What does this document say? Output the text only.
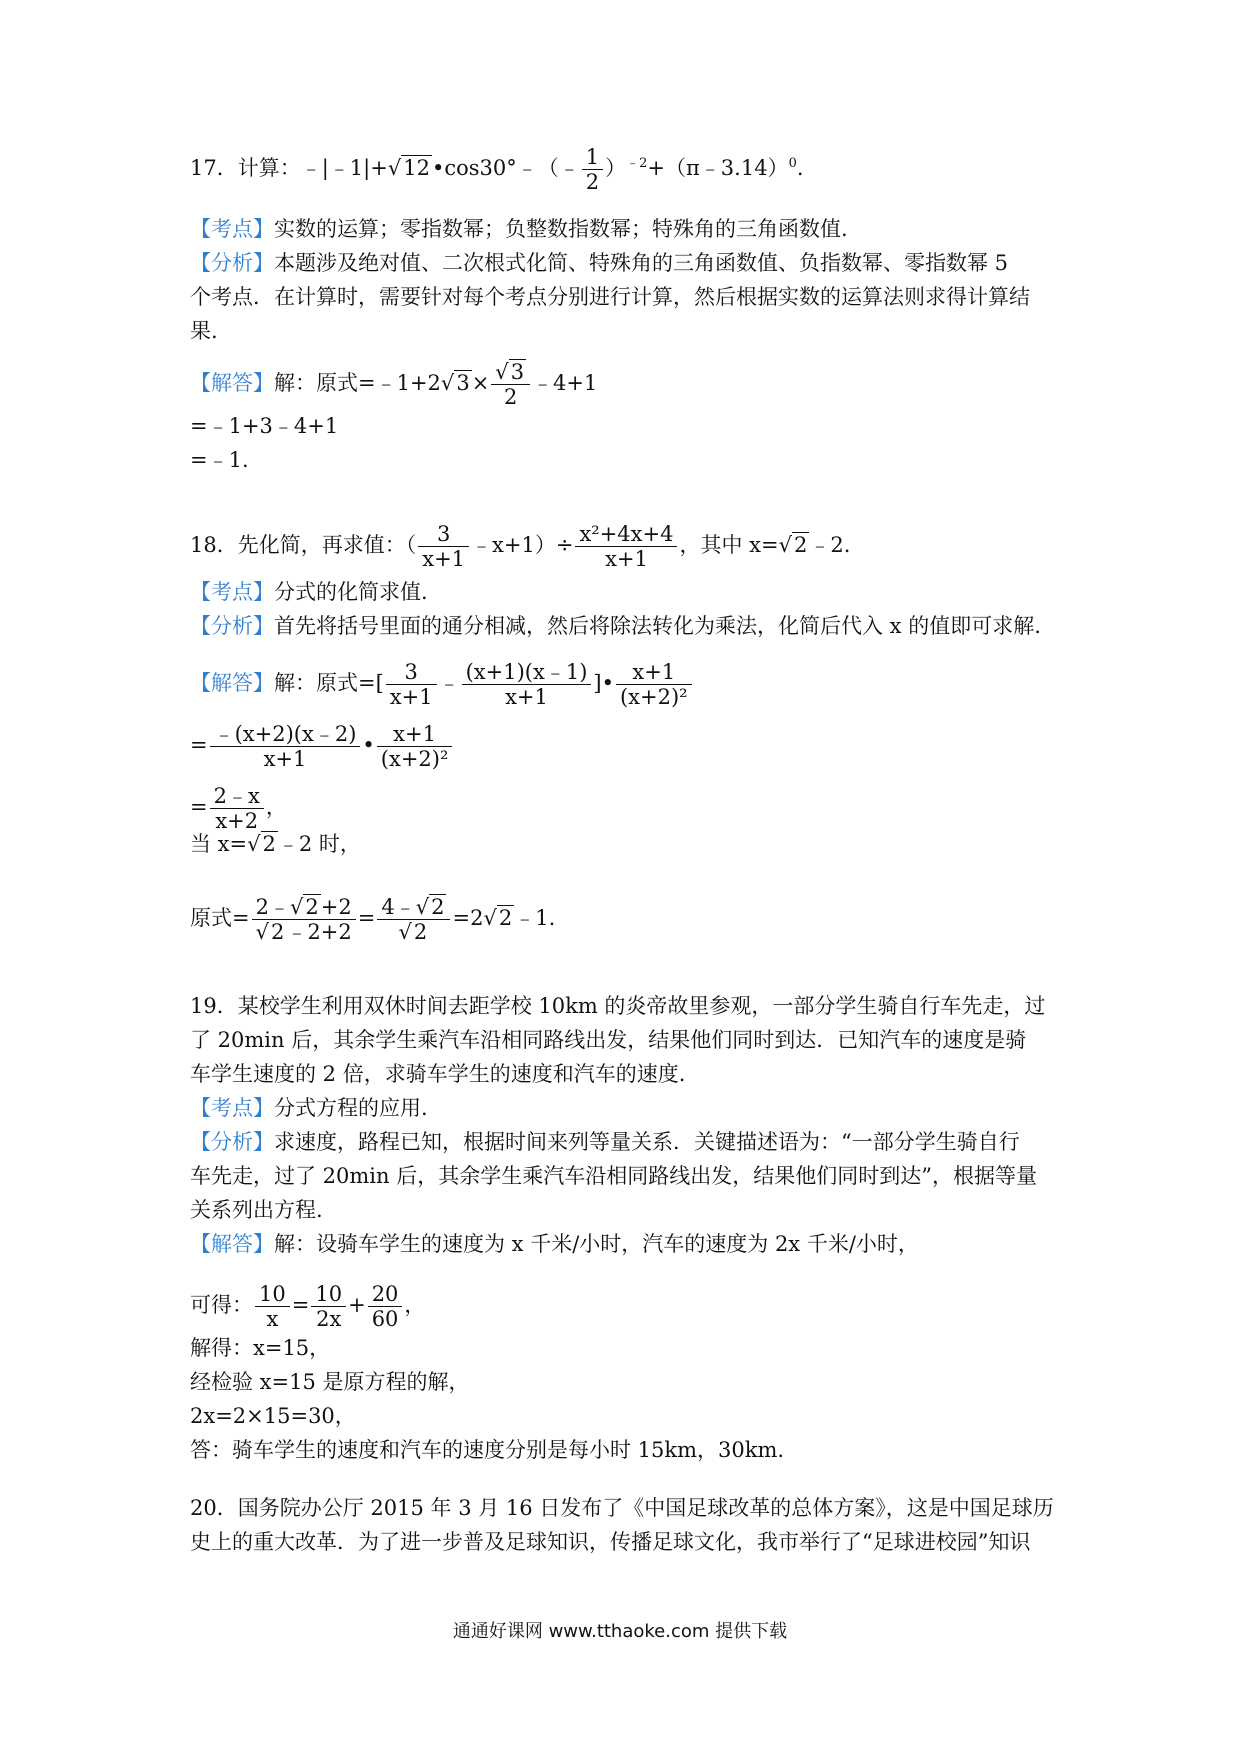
17．计算：﹣|﹣1|+√12•cos30°﹣（﹣ $\frac{1}{2}$ ）$^{﹣2}$+（π﹣3.14）$^0$.
【考点】实数的运算；零指数幂；负整数指数幂；特殊角的三角函数值.
【分析】本题涉及绝对值、二次根式化简、特殊角的三角函数值、负指数幂、零指数幂 5
个考点．在计算时，需要针对每个考点分别进行计算，然后根据实数的运算法则求得计算结
果.
【解答】解：原式=﹣1+2√3× $\frac{√3}{2}$ ﹣4+1
=﹣1+3﹣4+1
=﹣1.
18．先化简，再求值：（ $\frac{3}{x+1}$ ﹣x+1）÷ $\frac{\text{x²+4x+4}}{x+1}$ ，其中 x=√2﹣2.
【考点】分式的化简求值.
【分析】首先将括号里面的通分相减，然后将除法转化为乘法，化简后代入 x 的值即可求解.
【解答】解：原式=[ $\frac{3}{x+1}$ ﹣ $\frac{(x+1)(x﹣1)}{x+1}$ ]• $\frac{x+1}{\text{(x+2)²}}$
= $\frac{﹣(x+2)(x﹣2)}{x+1}$ • $\frac{x+1}{\text{(x+2)²}}$
= $\frac{2﹣x}{x+2}$ ，
当 x=√2﹣2 时，
原式= $\frac{2﹣√2+2}{√2﹣2+2} = \frac{4﹣√2}{√2}$ =2√2﹣1.
19．某校学生利用双休时间去距学校 10km 的炎帝故里参观，一部分学生骑自行车先走，过
了 20min 后，其余学生乘汽车沿相同路线出发，结果他们同时到达．已知汽车的速度是骑
车学生速度的 2 倍，求骑车学生的速度和汽车的速度.
【考点】分式方程的应用.
【分析】求速度，路程已知，根据时间来列等量关系．关键描述语为：“一部分学生骑自行
车先走，过了 20min 后，其余学生乘汽车沿相同路线出发，结果他们同时到达”，根据等量
关系列出方程.
【解答】解：设骑车学生的速度为 x 千米/小时，汽车的速度为 2x 千米/小时，
可得： $\frac{10}{x} = \frac{10}{2x} + \frac{20}{60}$ ，
解得：x=15，
经检验 x=15 是原方程的解，
2x=2×15=30，
答：骑车学生的速度和汽车的速度分别是每小时 15km，30km.
20．国务院办公厅 2015 年 3 月 16 日发布了《中国足球改革的总体方案》，这是中国足球历
史上的重大改革．为了进一步普及足球知识，传播足球文化，我市举行了“足球进校园”知识
通通好课网 www.tthaoke.com 提供下载
